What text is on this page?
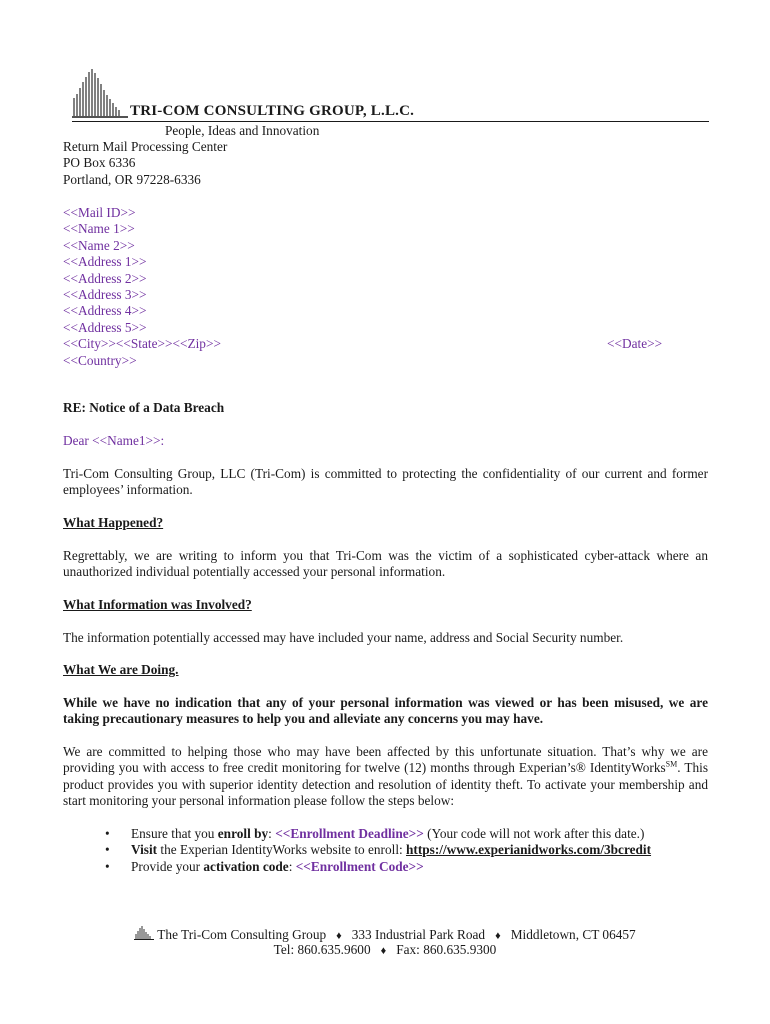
TRI-COM CONSULTING GROUP, L.L.C.
People, Ideas and Innovation
Return Mail Processing Center
PO Box 6336
Portland, OR 97228-6336
<<Mail ID>>
<<Name 1>>
<<Name 2>>
<<Address 1>>
<<Address 2>>
<<Address 3>>
<<Address 4>>
<<Address 5>>
<<City>><<State>><<Zip>>
<<Country>>
<<Date>>
RE: Notice of a Data Breach
Dear <<Name1>>:
Tri-Com Consulting Group, LLC (Tri-Com) is committed to protecting the confidentiality of our current and former employees’ information.
What Happened?
Regrettably, we are writing to inform you that Tri-Com was the victim of a sophisticated cyber-attack where an unauthorized individual potentially accessed your personal information.
What Information was Involved?
The information potentially accessed may have included your name, address and Social Security number.
What We are Doing.
While we have no indication that any of your personal information was viewed or has been misused, we are taking precautionary measures to help you and alleviate any concerns you may have.
We are committed to helping those who may have been affected by this unfortunate situation. That’s why we are providing you with access to free credit monitoring for twelve (12) months through Experian’s® IdentityWorks℠. This product provides you with superior identity detection and resolution of identity theft. To activate your membership and start monitoring your personal information please follow the steps below:
• Ensure that you enroll by: <<Enrollment Deadline>> (Your code will not work after this date.)
• Visit the Experian IdentityWorks website to enroll: https://www.experianidworks.com/3bcredit
• Provide your activation code: <<Enrollment Code>>
The Tri-Com Consulting Group ♦ 333 Industrial Park Road ♦ Middletown, CT 06457
Tel: 860.635.9600 ♦ Fax: 860.635.9300
